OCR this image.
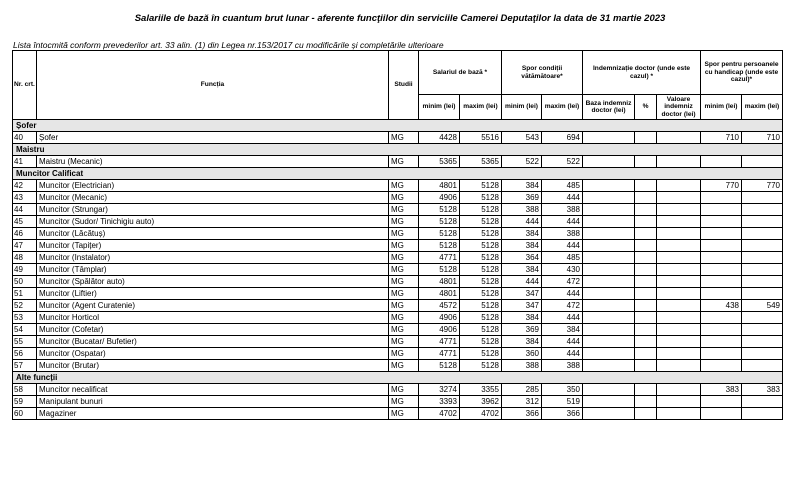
Salariile de bază în cuantum brut lunar - aferente funcţiilor din serviciile Camerei Deputaţilor la data de 31 martie 2023
Lista întocmită conform prevederilor art. 33 alin. (1) din Legea nr.153/2017 cu modificările și completările ulterioare
Nr. crt.	Funcția	Studii	Salariul de bază *		Spor condiții vătămătoare*		Indemnizație doctor (unde este cazul) *			Spor pentru persoanele cu handicap (unde este cazul)*	
			minim (lei)	maxim (lei)	minim (lei)	maxim (lei)	Baza indemniz doctor (lei)	%	Valoare indemniz doctor (lei)	minim (lei)	maxim (lei)
Șofer											
40	Șofer	MG	4428	5516	543	694				710	710
Maistru											
41	Maistru (Mecanic)	MG	5365	5365	522	522					
Muncitor Calificat											
42	Muncitor (Electrician)	MG	4801	5128	384	485				770	770
43	Muncitor (Mecanic)	MG	4906	5128	369	444					
44	Muncitor (Strungar)	MG	5128	5128	388	388					
45	Muncitor (Sudor/ Tinichigiu auto)	MG	5128	5128	444	444					
46	Muncitor (Lăcătuș)	MG	5128	5128	384	388					
47	Muncitor (Tapițer)	MG	5128	5128	384	444					
48	Muncitor (Instalator)	MG	4771	5128	364	485					
49	Muncitor (Tâmplar)	MG	5128	5128	384	430					
50	Muncitor (Spălător auto)	MG	4801	5128	444	472					
51	Muncitor (Liftier)	MG	4801	5128	347	444					
52	Muncitor (Agent Curatenie)	MG	4572	5128	347	472				438	549
53	Muncitor Horticol	MG	4906	5128	384	444					
54	Muncitor (Cofetar)	MG	4906	5128	369	384					
55	Muncitor (Bucatar/ Bufetier)	MG	4771	5128	384	444					
56	Muncitor (Ospatar)	MG	4771	5128	360	444					
57	Muncitor (Brutar)	MG	5128	5128	388	388					
Alte funcții											
58	Muncitor necalificat	MG	3274	3355	285	350				383	383
59	Manipulant bunuri	MG	3393	3962	312	519					
60	Magaziner	MG	4702	4702	366	366					
